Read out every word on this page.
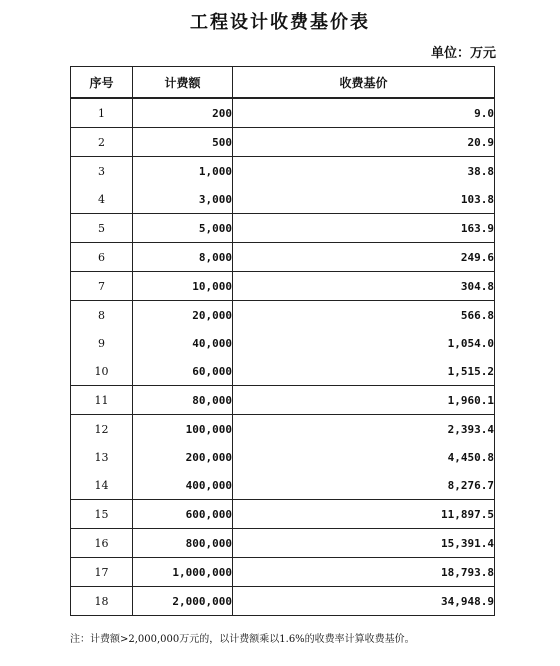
工程设计收费基价表
单位：万元
序号	计费额	收费基价
1	200	9.0
2	500	20.9
3	1,000	38.8
4	3,000	103.8
5	5,000	163.9
6	8,000	249.6
7	10,000	304.8
8	20,000	566.8
9	40,000	1,054.0
10	60,000	1,515.2
11	80,000	1,960.1
12	100,000	2,393.4
13	200,000	4,450.8
14	400,000	8,276.7
15	600,000	11,897.5
16	800,000	15,391.4
17	1,000,000	18,793.8
18	2,000,000	34,948.9
注：计费额>2,000,000万元的，以计费额乘以1.6%的收费率计算收费基价。
